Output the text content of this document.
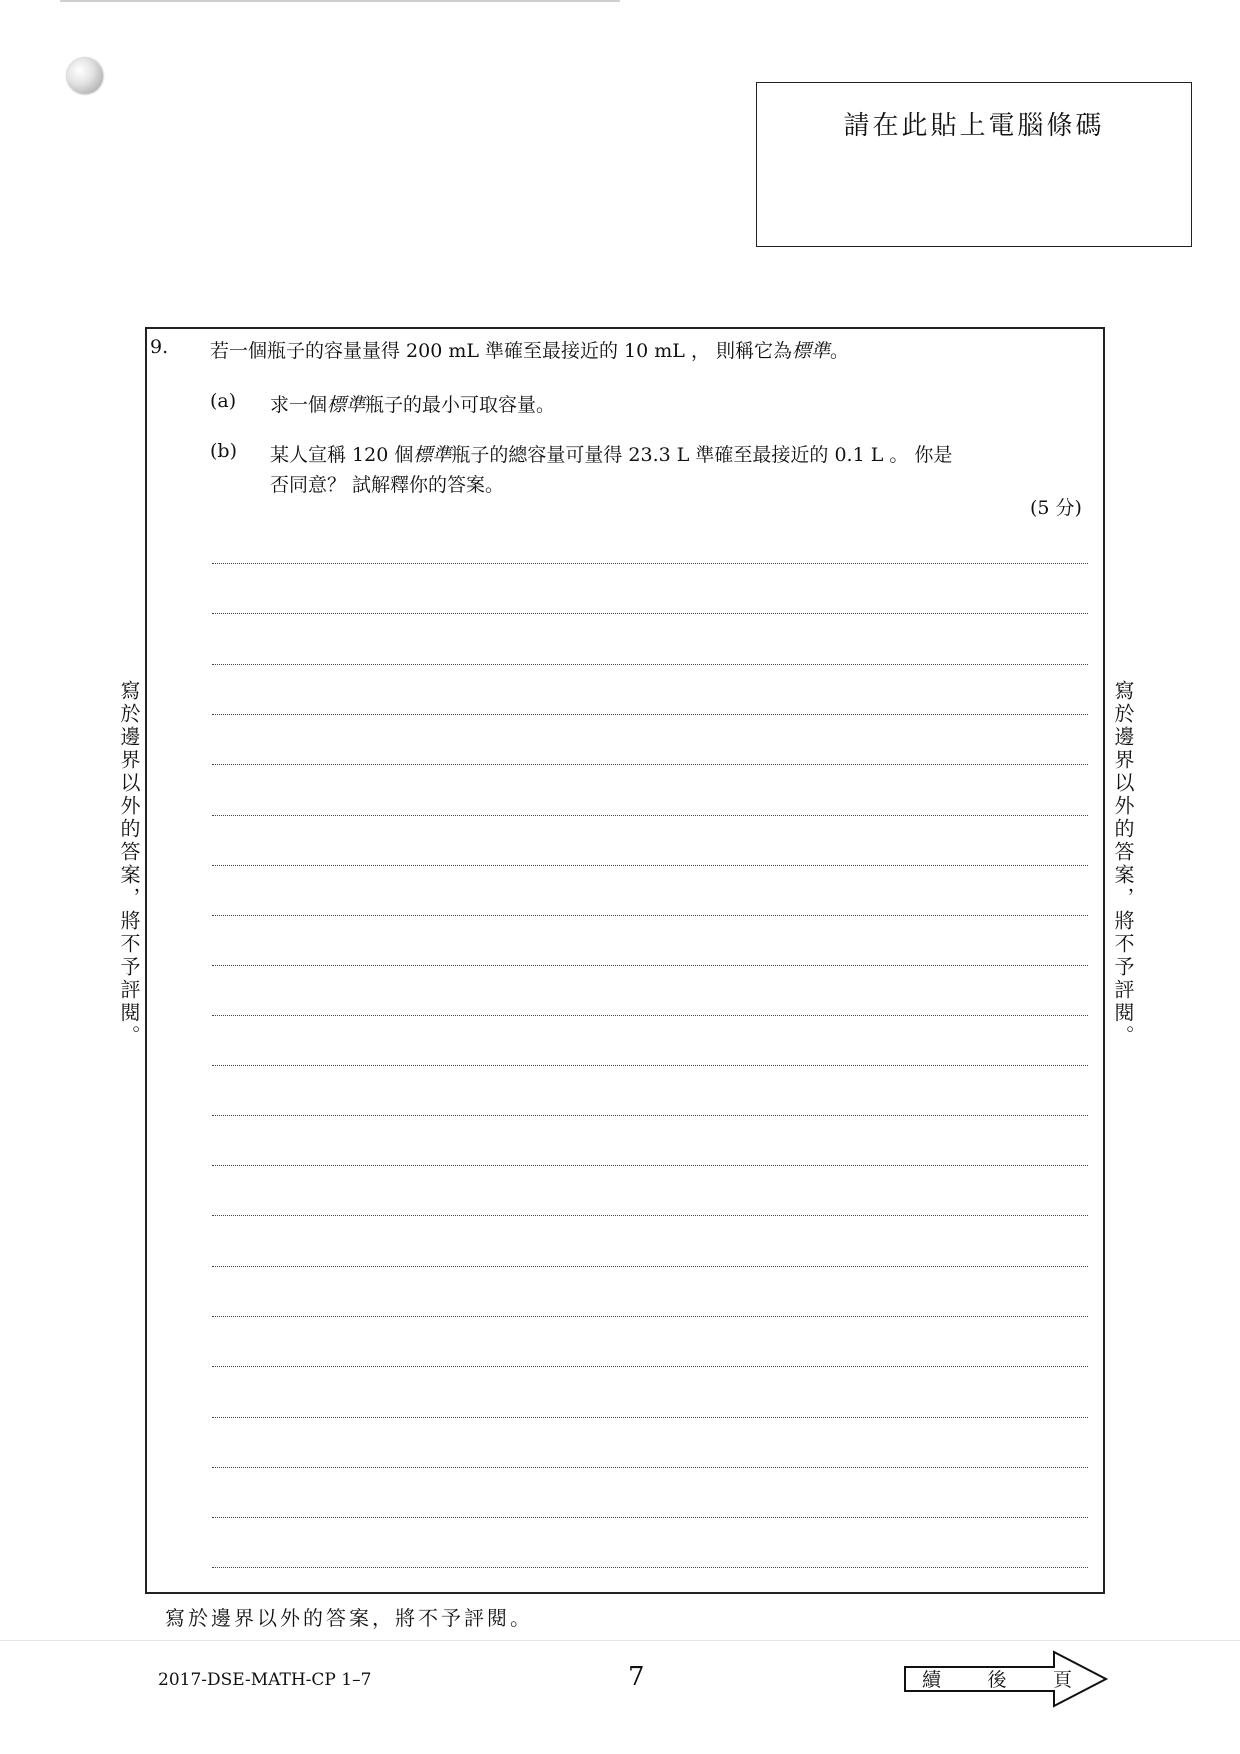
請在此貼上電腦條碼
9. 若一個瓶子的容量量得 200 mL 準確至最接近的 10 mL ， 則稱它為標準。
(a) 求一個標準瓶子的最小可取容量。
(b) 某人宣稱 120 個標準瓶子的總容量可量得 23.3 L 準確至最接近的 0.1 L 。 你是
否同意？ 試解釋你的答案。
(5 分)
寫於邊界以外的答案，將不予評閱。	寫於邊界以外的答案，將不予評閱。
寫於邊界以外的答案，將不予評閱。
2017-DSE-MATH-CP 1–7	7	續 後 頁
